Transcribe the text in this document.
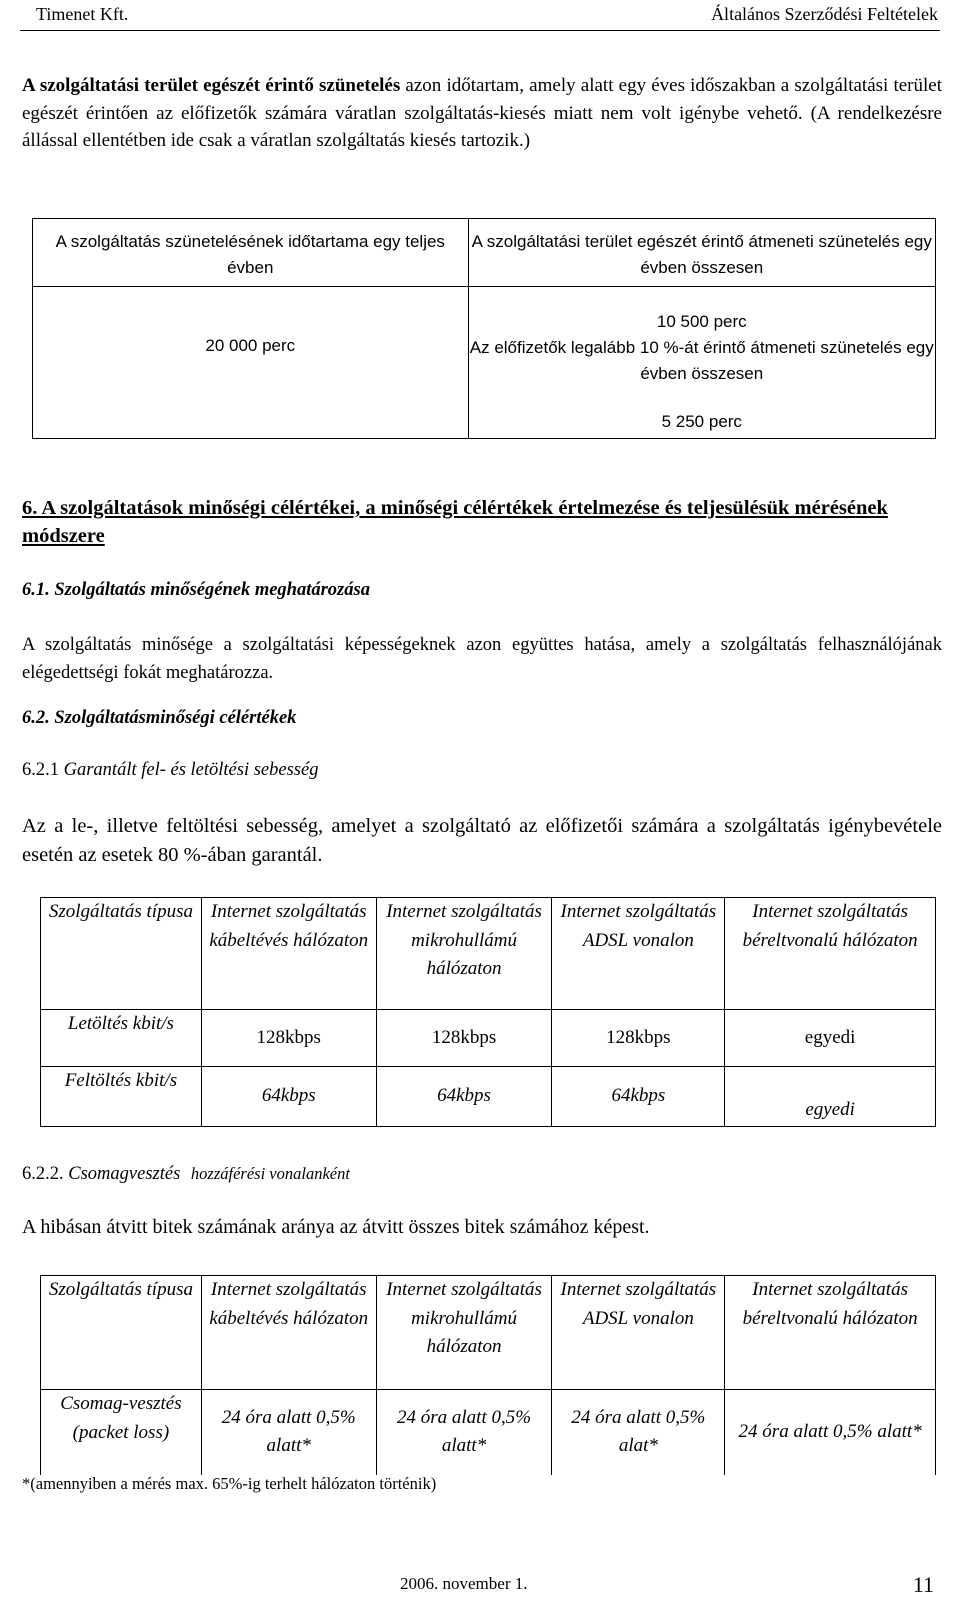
Timenet Kft.	Általános Szerződési Feltételek
A szolgáltatási terület egészét érintő szünetelés azon időtartam, amely alatt egy éves időszakban a szolgáltatási terület egészét érintően az előfizetők számára váratlan szolgáltatás-kiesés miatt nem volt igénybe vehető. (A rendelkezésre állással ellentétben ide csak a váratlan szolgáltatás kiesés tartozik.)
A szolgáltatás szünetelésének időtartama egy teljes évben	A szolgáltatási terület egészét érintő átmeneti szünetelés egy évben összesen
20 000 perc	10 500 perc
Az előfizetők legalább 10 %-át érintő átmeneti szünetelés egy évben összesen
5 250 perc
6. A szolgáltatások minőségi célértékei, a minőségi célértékek értelmezése és teljesülésük mérésének módszere
6.1. Szolgáltatás minőségének meghatározása
A szolgáltatás minősége a szolgáltatási képességeknek azon együttes hatása, amely a szolgáltatás felhasználójának elégedettségi fokát meghatározza.
6.2. Szolgáltatásminőségi célértékek
6.2.1 Garantált fel- és letöltési sebesség
Az a le-, illetve feltöltési sebesség, amelyet a szolgáltató az előfizetői számára a szolgáltatás igénybevétele esetén az esetek 80 %-ában garantál.
Szolgáltatás típusa	Internet szolgáltatás kábeltévés hálózaton	Internet szolgáltatás mikrohullámú hálózaton	Internet szolgáltatás ADSL vonalon	Internet szolgáltatás béreltvonalú hálózaton
Letöltés kbit/s	128kbps	128kbps	128kbps	egyedi
Feltöltés kbit/s	64kbps	64kbps	64kbps	egyedi
6.2.2. Csomagvesztés hozzáférési vonalanként
A hibásan átvitt bitek számának aránya az átvitt összes bitek számához képest.
Szolgáltatás típusa	Internet szolgáltatás kábeltévés hálózaton	Internet szolgáltatás mikrohullámú hálózaton	Internet szolgáltatás ADSL vonalon	Internet szolgáltatás béreltvonalú hálózaton
Csomag-vesztés (packet loss)	24 óra alatt 0,5% alatt*	24 óra alatt 0,5% alatt*	24 óra alatt 0,5% alat*	24 óra alatt 0,5% alatt*
*(amennyiben a mérés max. 65%-ig terhelt hálózaton történik)
2006. november 1.	11
